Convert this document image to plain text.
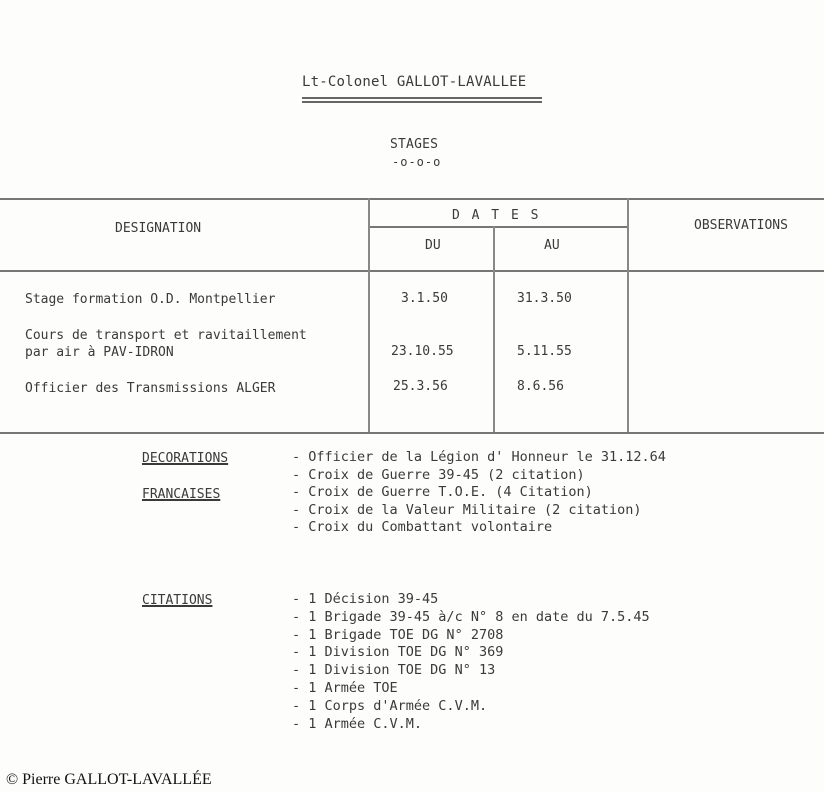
Lt-Colonel GALLOT-LAVALLEE
STAGES
-o-o-o
DESIGNATION
D A T E S
DU	AU
OBSERVATIONS
Stage formation O.D. Montpellier	3.1.50	31.3.50
Cours de transport et ravitaillement
par air à PAV-IDRON	23.10.55	5.11.55
Officier des Transmissions ALGER	25.3.56	8.6.56
DECORATIONS
FRANCAISES
- Officier de la Légion d' Honneur le 31.12.64
- Croix de Guerre 39-45 (2 citation)
- Croix de Guerre T.O.E. (4 Citation)
- Croix de la Valeur Militaire (2 citation)
- Croix du Combattant volontaire
CITATIONS
-	1 Décision 39-45
- 1 Brigade 39-45 à/c N° 8 en date du 7.5.45
- 1 Brigade TOE DG N° 2708
- 1 Division TOE DG N° 369
- 1 Division TOE DG N° 13
- 1 Armée TOE
- 1 Corps d'Armée C.V.M.
- 1 Armée C.V.M.
© Pierre GALLOT-LAVALLÉE
